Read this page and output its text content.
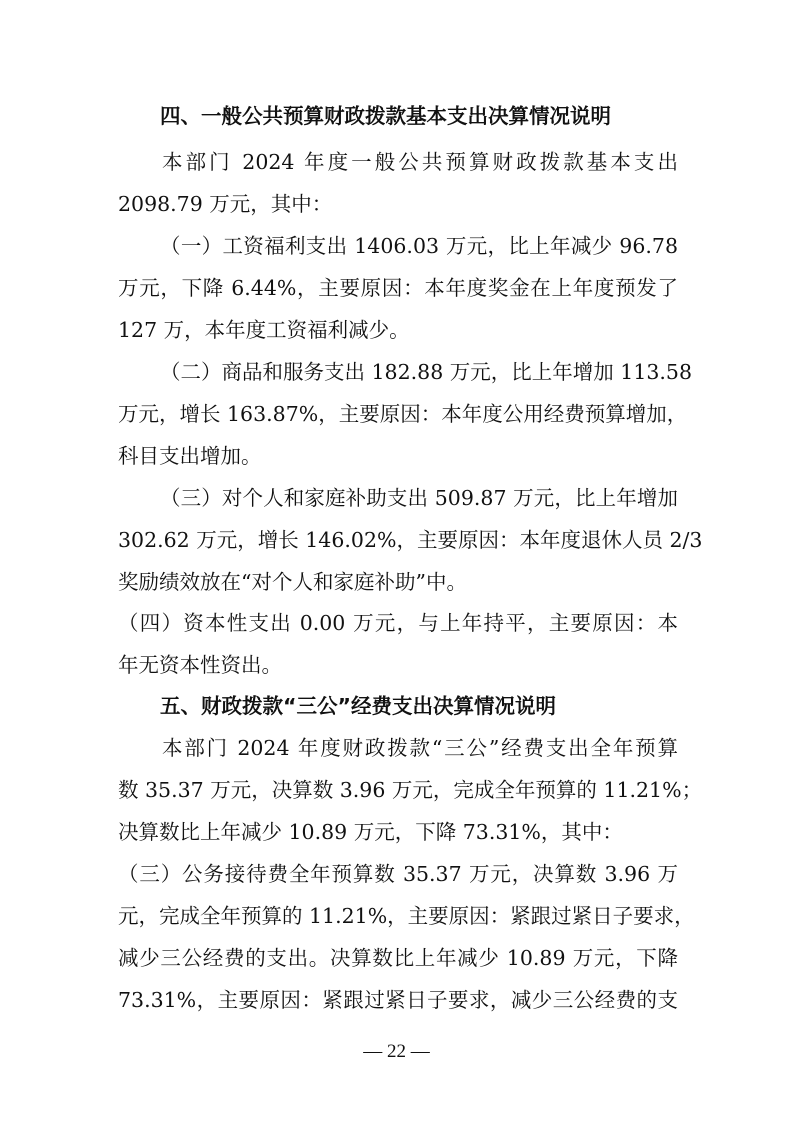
四、一般公共预算财政拨款基本支出决算情况说明
本部门 2024 年度一般公共预算财政拨款基本支出
2098.79 万元，其中：
（一）工资福利支出 1406.03 万元，比上年减少 96.78
万元，下降 6.44%，主要原因：本年度奖金在上年度预发了
127 万，本年度工资福利减少。
（二）商品和服务支出 182.88 万元，比上年增加 113.58
万元，增长 163.87%，主要原因：本年度公用经费预算增加，
科目支出增加。
（三）对个人和家庭补助支出 509.87 万元，比上年增加
302.62 万元，增长 146.02%，主要原因：本年度退休人员 2/3
奖励绩效放在“对个人和家庭补助”中。
（四）资本性支出 0.00 万元，与上年持平，主要原因：本
年无资本性资出。
五、财政拨款“三公”经费支出决算情况说明
本部门 2024 年度财政拨款“三公”经费支出全年预算
数 35.37 万元，决算数 3.96 万元，完成全年预算的 11.21%；
决算数比上年减少 10.89 万元，下降 73.31%，其中：
（三）公务接待费全年预算数 35.37 万元，决算数 3.96 万
元，完成全年预算的 11.21%，主要原因：紧跟过紧日子要求，
减少三公经费的支出。决算数比上年减少 10.89 万元，下降
73.31%，主要原因：紧跟过紧日子要求，减少三公经费的支
— 22 —
